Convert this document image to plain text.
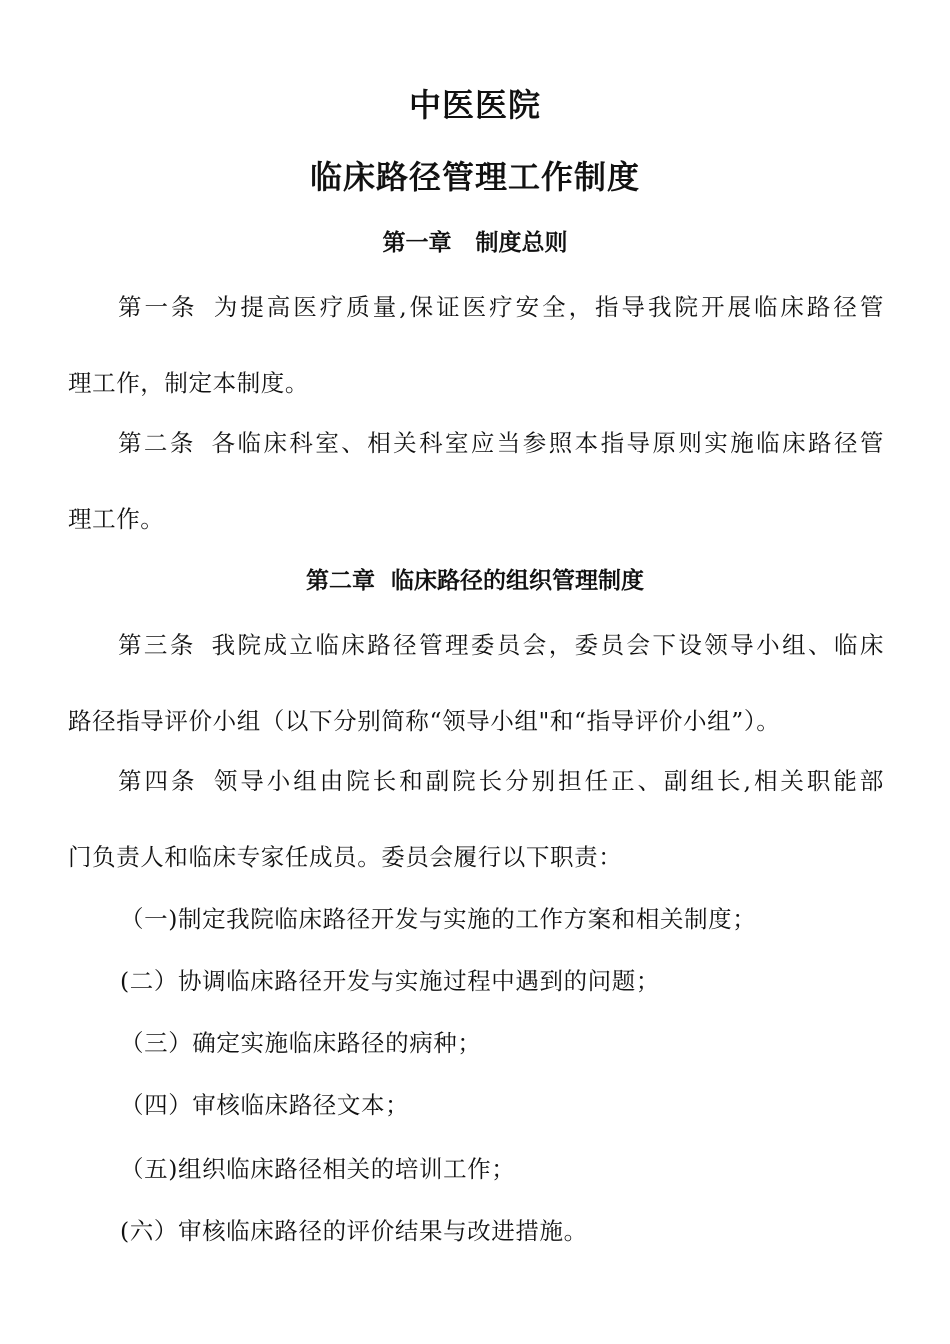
中医医院
临床路径管理工作制度
第一章   制度总则
第一条 为提高医疗质量,保证医疗安全，指导我院开展临床路径管
理工作，制定本制度。
第二条 各临床科室、相关科室应当参照本指导原则实施临床路径管
理工作。
第二章  临床路径的组织管理制度
第三条 我院成立临床路径管理委员会，委员会下设领导小组、临床
路径指导评价小组（以下分别简称“领导小组"和“指导评价小组”）。
第四条 领导小组由院长和副院长分别担任正、副组长,相关职能部
门负责人和临床专家任成员。委员会履行以下职责：
（一)制定我院临床路径开发与实施的工作方案和相关制度；
(二）协调临床路径开发与实施过程中遇到的问题；
（三）确定实施临床路径的病种；
（四）审核临床路径文本；
（五)组织临床路径相关的培训工作；
(六）审核临床路径的评价结果与改进措施。
